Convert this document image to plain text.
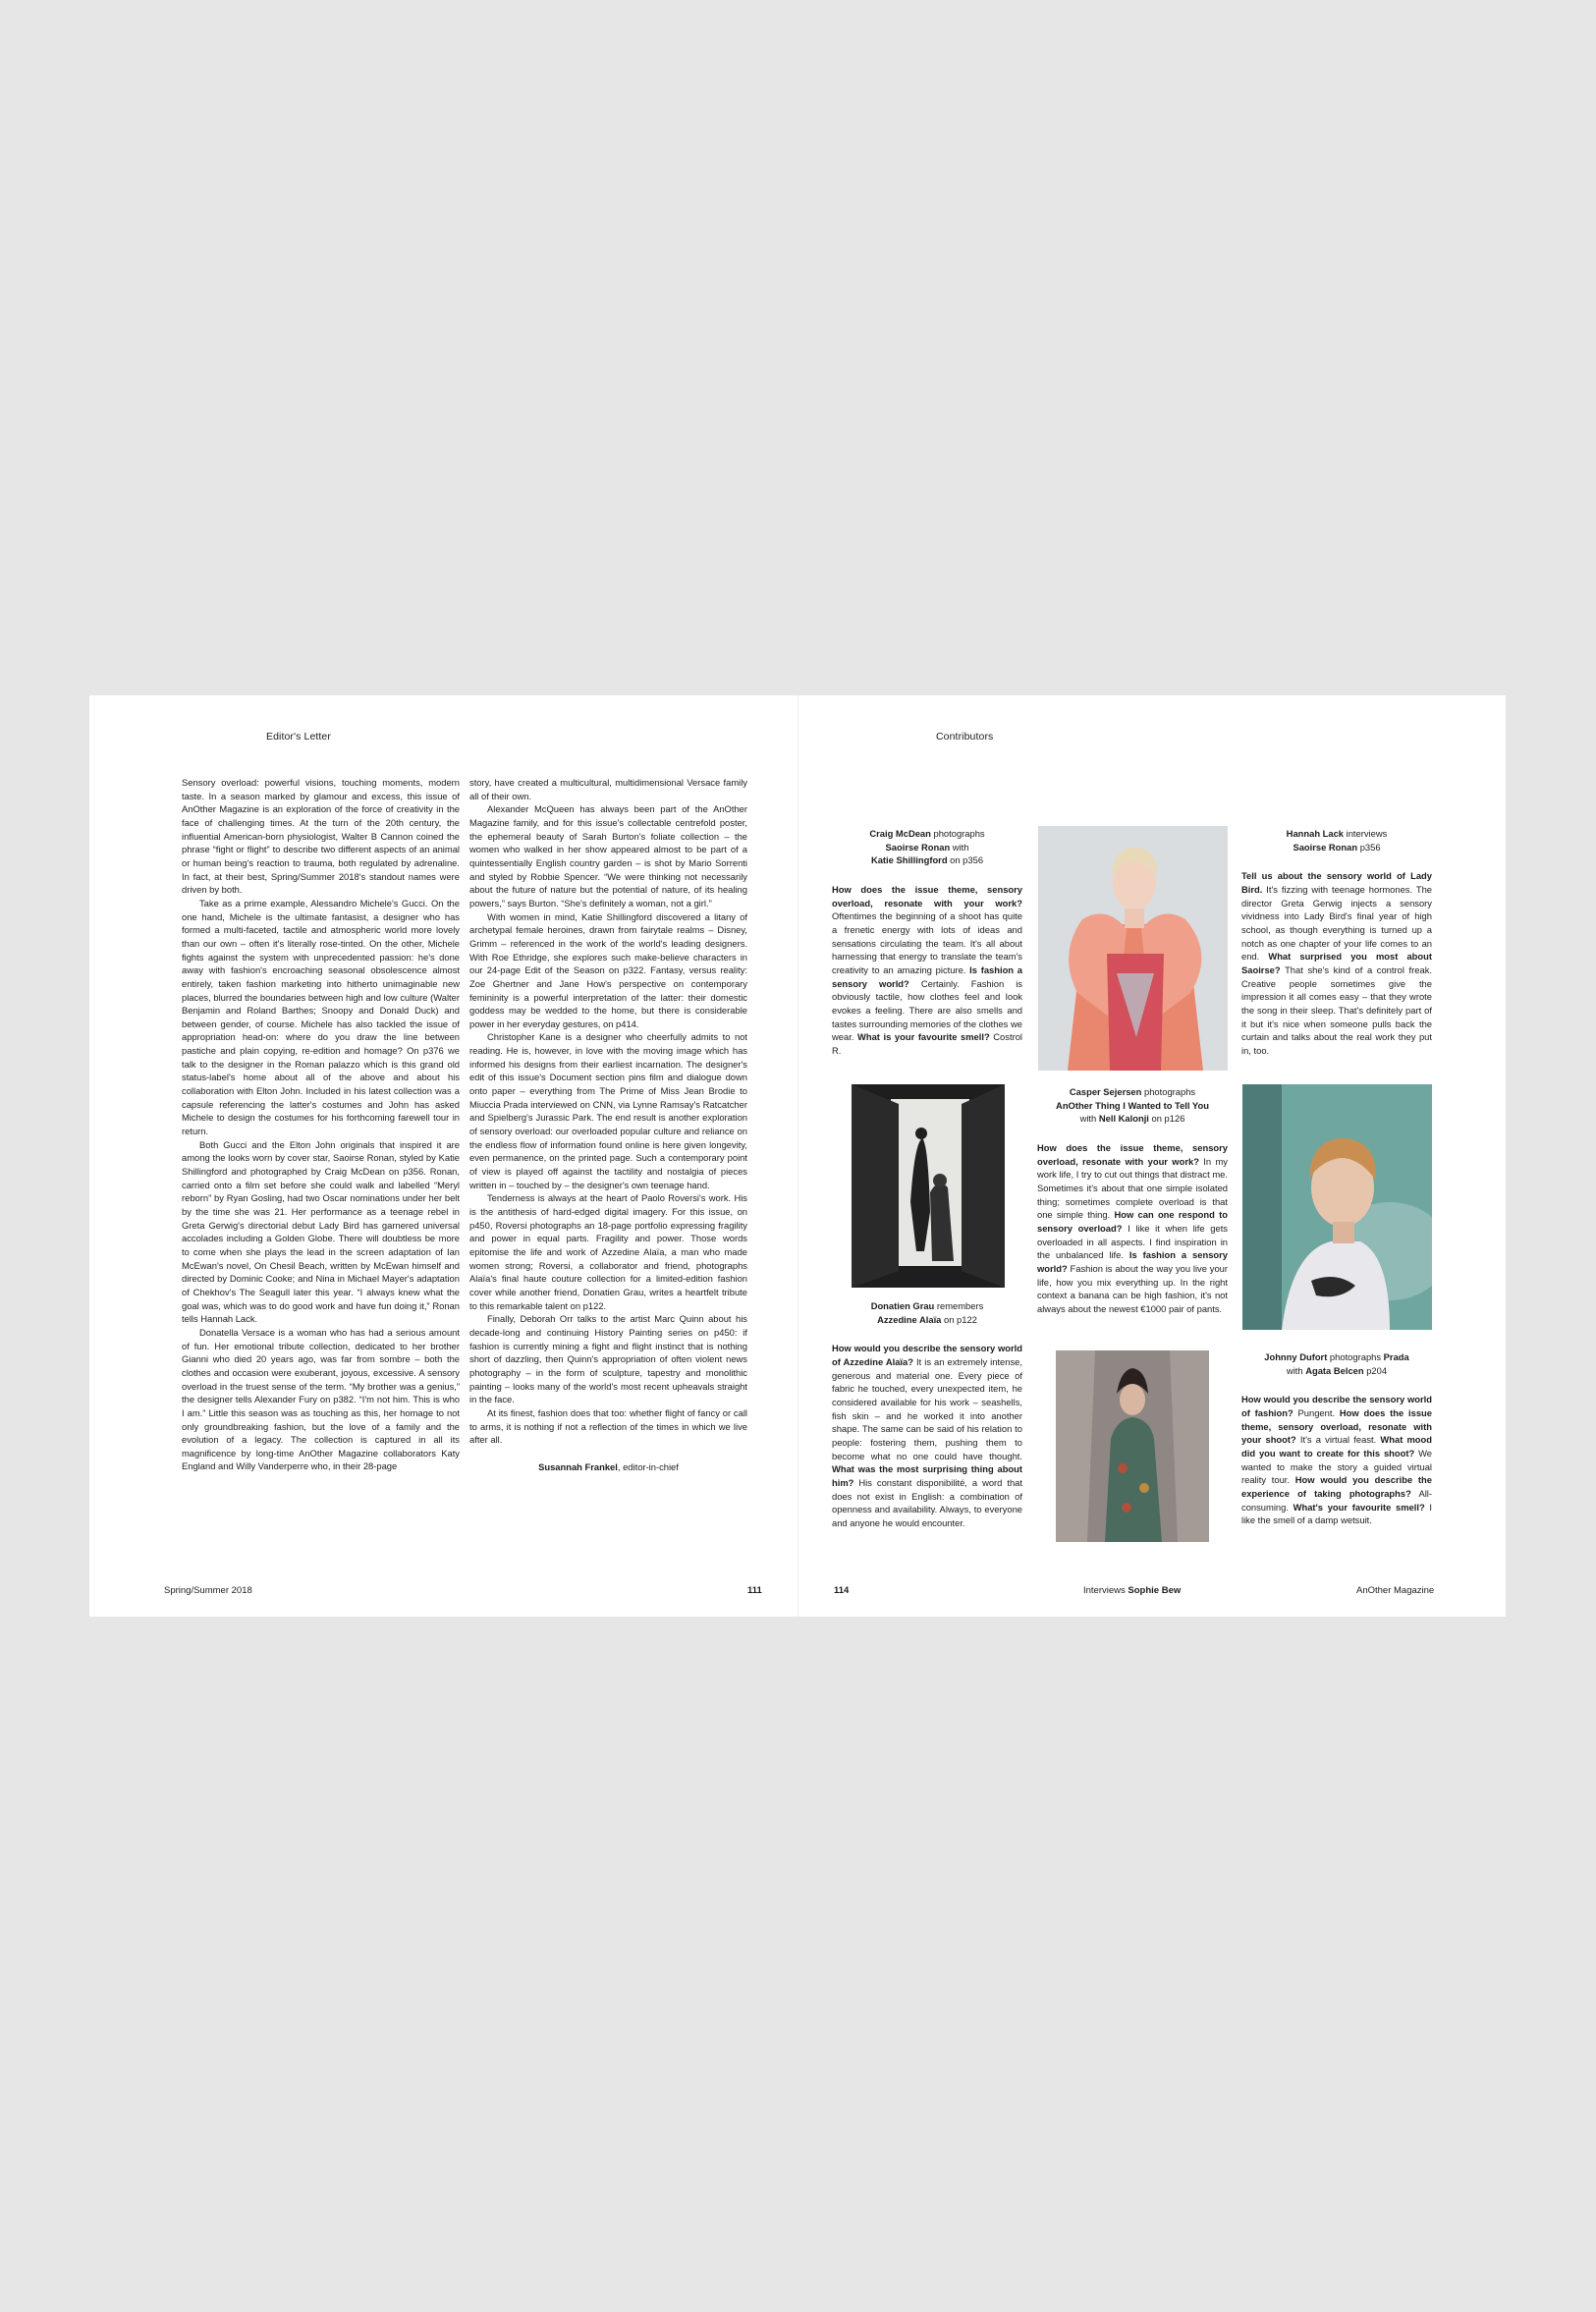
Editor's Letter

Sensory overload: powerful visions, touching moments, modern taste. In a season marked by glamour and excess, this issue of AnOther Magazine is an exploration of the force of creativity in the face of challenging times. At the turn of the 20th century, the influential American-born physiologist, Walter B Cannon coined the phrase “fight or flight” to describe two different aspects of an animal or human being's reaction to trauma, both regulated by adrenaline. In fact, at their best, Spring/Summer 2018's standout names were driven by both.

Take as a prime example, Alessandro Michele's Gucci. On the one hand, Michele is the ultimate fantasist, a designer who has formed a multi-faceted, tactile and atmospheric world more lovely than our own – often it's literally rose-tinted. On the other, Michele fights against the system with unprecedented passion: he's done away with fashion's encroaching seasonal obsolescence almost entirely, taken fashion marketing into hitherto unimaginable new places, blurred the boundaries between high and low culture (Walter Benjamin and Roland Barthes; Snoopy and Donald Duck) and between gender, of course. Michele has also tackled the issue of appropriation head-on: where do you draw the line between pastiche and plain copying, re-edition and homage? On p376 we talk to the designer in the Roman palazzo which is this grand old status-label's home about all of the above and about his collaboration with Elton John. Included in his latest collection was a capsule referencing the latter's costumes and John has asked Michele to design the costumes for his forthcoming farewell tour in return.

Both Gucci and the Elton John originals that inspired it are among the looks worn by cover star, Saoirse Ronan, styled by Katie Shillingford and photographed by Craig McDean on p356. Ronan, carried onto a film set before she could walk and labelled “Meryl reborn” by Ryan Gosling, had two Oscar nominations under her belt by the time she was 21. Her performance as a teenage rebel in Greta Gerwig's directorial debut Lady Bird has garnered universal accolades including a Golden Globe. There will doubtless be more to come when she plays the lead in the screen adaptation of Ian McEwan's novel, On Chesil Beach, written by McEwan himself and directed by Dominic Cooke; and Nina in Michael Mayer's adaptation of Chekhov's The Seagull later this year. “I always knew what the goal was, which was to do good work and have fun doing it,” Ronan tells Hannah Lack.

Donatella Versace is a woman who has had a serious amount of fun. Her emotional tribute collection, dedicated to her brother Gianni who died 20 years ago, was far from sombre – both the clothes and occasion were exuberant, joyous, excessive. A sensory overload in the truest sense of the term. “My brother was a genius,” the designer tells Alexander Fury on p382. “I'm not him. This is who I am.” Little this season was as touching as this, her homage to not only groundbreaking fashion, but the love of a family and the evolution of a legacy. The collection is captured in all its magnificence by long-time AnOther Magazine collaborators Katy England and Willy Vanderperre who, in their 28-page

story, have created a multicultural, multidimensional Versace family all of their own.

Alexander McQueen has always been part of the AnOther Magazine family, and for this issue's collectable centrefold poster, the ephemeral beauty of Sarah Burton's foliate collection – the women who walked in her show appeared almost to be part of a quintessentially English country garden – is shot by Mario Sorrenti and styled by Robbie Spencer. “We were thinking not necessarily about the future of nature but the potential of nature, of its healing powers,” says Burton. “She's definitely a woman, not a girl.”

With women in mind, Katie Shillingford discovered a litany of archetypal female heroines, drawn from fairytale realms – Disney, Grimm – referenced in the work of the world's leading designers. With Roe Ethridge, she explores such make-believe characters in our 24-page Edit of the Season on p322. Fantasy, versus reality: Zoe Ghertner and Jane How's perspective on contemporary femininity is a powerful interpretation of the latter: their domestic goddess may be wedded to the home, but there is considerable power in her everyday gestures, on p414.

Christopher Kane is a designer who cheerfully admits to not reading. He is, however, in love with the moving image which has informed his designs from their earliest incarnation. The designer's edit of this issue's Document section pins film and dialogue down onto paper – everything from The Prime of Miss Jean Brodie to Miuccia Prada interviewed on CNN, via Lynne Ramsay's Ratcatcher and Spielberg's Jurassic Park. The end result is another exploration of sensory overload: our overloaded popular culture and reliance on the endless flow of information found online is here given longevity, even permanence, on the printed page. Such a contemporary point of view is played off against the tactility and nostalgia of pieces written in – touched by – the designer's own teenage hand.

Tenderness is always at the heart of Paolo Roversi's work. His is the antithesis of hard-edged digital imagery. For this issue, on p450, Roversi photographs an 18-page portfolio expressing fragility and power in equal parts. Fragility and power. Those words epitomise the life and work of Azzedine Alaïa, a man who made women strong; Roversi, a collaborator and friend, photographs Alaïa's final haute couture collection for a limited-edition fashion cover while another friend, Donatien Grau, writes a heartfelt tribute to this remarkable talent on p122.

Finally, Deborah Orr talks to the artist Marc Quinn about his decade-long and continuing History Painting series on p450: if fashion is currently mining a fight and flight instinct that is nothing short of dazzling, then Quinn's appropriation of often violent news photography – in the form of sculpture, tapestry and monolithic painting – looks many of the world's most recent upheavals straight in the face.

At its finest, fashion does that too: whether flight of fancy or call to arms, it is nothing if not a reflection of the times in which we live after all.

Susannah Frankel, editor-in-chief

Spring/Summer 2018	111
Contributors

Craig McDean photographs
Saoirse Ronan with
Katie Shillingford on p356

How does the issue theme, sensory overload, resonate with your work? Oftentimes the beginning of a shoot has quite a frenetic energy with lots of ideas and sensations circulating the team. It's all about harnessing that energy to translate the team's creativity to an amazing picture. Is fashion a sensory world? Certainly. Fashion is obviously tactile, how clothes feel and look evokes a feeling. There are also smells and tastes surrounding memories of the clothes we wear. What is your favourite smell? Costrol R.

Hannah Lack interviews
Saoirse Ronan p356

Tell us about the sensory world of Lady Bird. It's fizzing with teenage hormones. The director Greta Gerwig injects a sensory vividness into Lady Bird's final year of high school, as though everything is turned up a notch as one chapter of your life comes to an end. What surprised you most about Saoirse? That she's kind of a control freak. Creative people sometimes give the impression it all comes easy – that they wrote the song in their sleep. That's definitely part of it but it's nice when someone pulls back the curtain and talks about the real work they put in, too.

Casper Sejersen photographs
AnOther Thing I Wanted to Tell You
with Nell Kalonji on p126

How does the issue theme, sensory overload, resonate with your work? In my work life, I try to cut out things that distract me. Sometimes it's about that one simple isolated thing; sometimes complete overload is that one simple thing. How can one respond to sensory overload? I like it when life gets overloaded in all aspects. I find inspiration in the unbalanced life. Is fashion a sensory world? Fashion is about the way you live your life, how you mix everything up. In the right context a banana can be high fashion, it's not always about the newest €1000 pair of pants.

Donatien Grau remembers
Azzedine Alaïa on p122

How would you describe the sensory world of Azzedine Alaïa? It is an extremely intense, generous and material one. Every piece of fabric he touched, every unexpected item, he considered available for his work – seashells, fish skin – and he worked it into another shape. The same can be said of his relation to people: fostering them, pushing them to become what no one could have thought. What was the most surprising thing about him? His constant disponibilité, a word that does not exist in English: a combination of openness and availability. Always, to everyone and anyone he would encounter.

Johnny Dufort photographs Prada
with Agata Belcen p204

How would you describe the sensory world of fashion? Pungent. How does the issue theme, sensory overload, resonate with your shoot? It's a virtual feast. What mood did you want to create for this shoot? We wanted to make the story a guided virtual reality tour. How would you describe the experience of taking photographs? All-consuming. What's your favourite smell? I like the smell of a damp wetsuit.

114	Interviews Sophie Bew	AnOther Magazine
